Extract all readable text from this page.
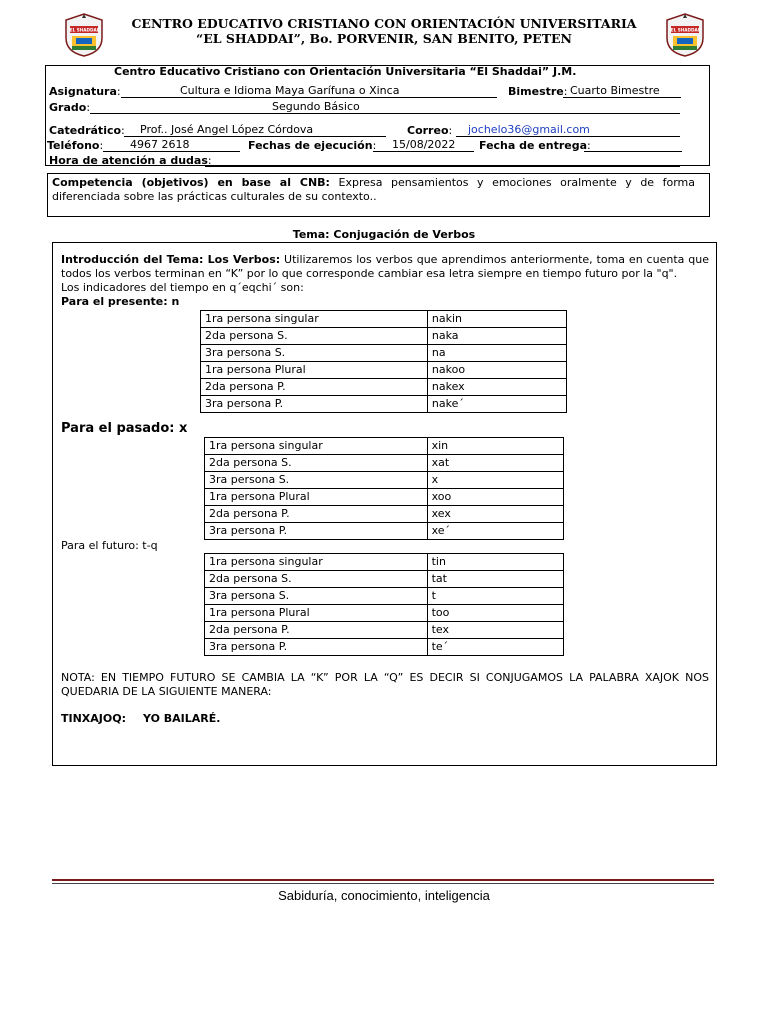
"EL SHADDAI"	"EL SHADDAI"
CENTRO EDUCATIVO CRISTIANO CON ORIENTACIÓN UNIVERSITARIA
“EL SHADDAI”, Bo. PORVENIR, SAN BENITO, PETEN
Centro Educativo Cristiano con Orientación Universitaria “El Shaddai” J.M.
Asignatura:	Cultura e Idioma Maya Garífuna o Xinca	Bimestre: Cuarto Bimestre
Grado:	Segundo Básico
Catedrático: Prof.. José Angel López Córdova	Correo: jochelo36@gmail.com
Teléfono: 4967 2618	Fechas de ejecución: 15/08/2022 Fecha de entrega:
Hora de atención a dudas:
Competencia (objetivos) en base al CNB: Expresa pensamientos y emociones oralmente y de forma
diferenciada sobre las prácticas culturales de su contexto..
Tema: Conjugación de Verbos
Introducción del Tema: Los Verbos: Utilizaremos los verbos que aprendimos anteriormente, toma en cuenta que
todos los verbos terminan en “K” por lo que corresponde cambiar esa letra siempre en tiempo futuro por la "q".
Los indicadores del tiempo en q´eqchi´ son:
Para el presente: n
1ra persona singular	nakin
2da persona S.	naka
3ra persona S.	na
1ra persona Plural	nakoo
2da persona P.	nakex
3ra persona P.	nake´
Para el pasado: x
1ra persona singular	xin
2da persona S.	xat
3ra persona S.	x
1ra persona Plural	xoo
2da persona P.	xex
3ra persona P.	xe´
Para el futuro: t-q
1ra persona singular	tin
2da persona S.	tat
3ra persona S.	t
1ra persona Plural	too
2da persona P.	tex
3ra persona P.	te´
NOTA: EN TIEMPO FUTURO SE CAMBIA LA “K” POR LA “Q” ES DECIR SI CONJUGAMOS LA PALABRA XAJOK NOS
QUEDARIA DE LA SIGUIENTE MANERA:
TINXAJOQ: YO BAILARÉ.
Sabiduría, conocimiento, inteligencia
